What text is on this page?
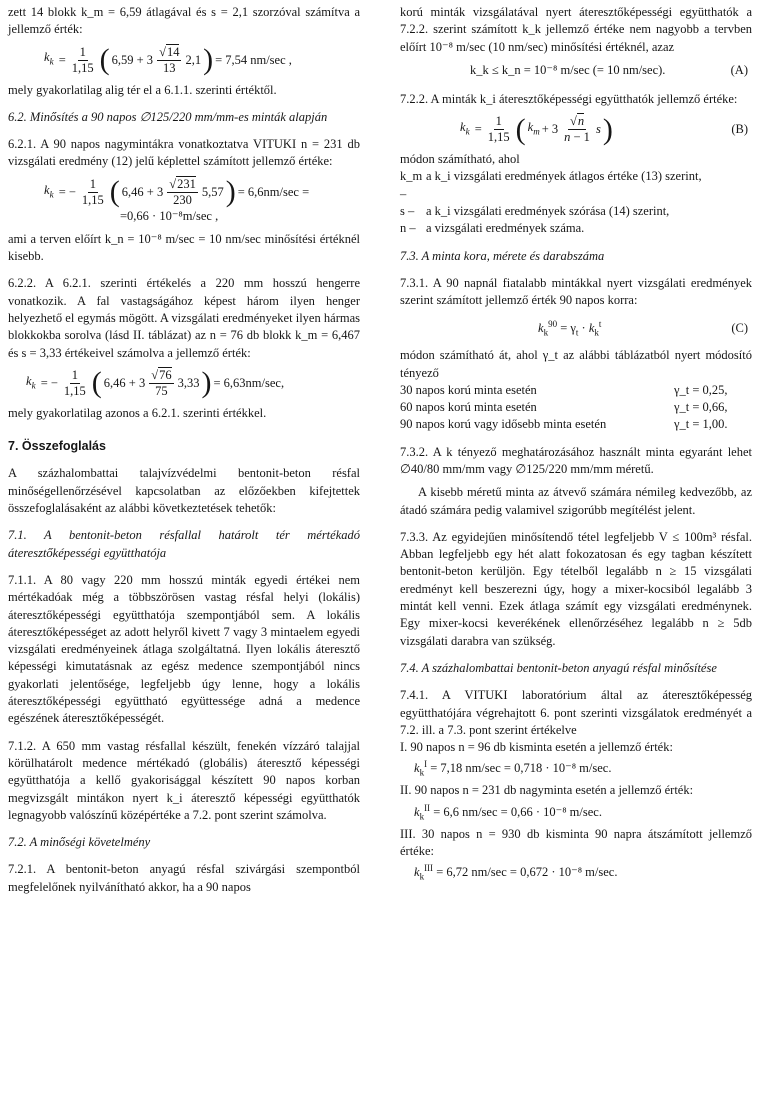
zett 14 blokk k_m = 6,59 átlagával és s = 2,1 szorzóval számítva a jellemző érték:

$k_k = \frac{1}{1,15}$ ( $6,59 + 3 \frac{√14}{13} 2,1$ ) = 7,54 nm/sec ,

mely gyakorlatilag alig tér el a 6.1.1. szerinti értéktől.

6.2. Minősítés a 90 napos ∅125/220 mm/mm-es minták alapján

6.2.1. A 90 napos nagymintákra vonatkoztatva VITUKI n = 231 db vizsgálati eredmény (12) jelű képlettel számított jellemző értéke:

$k_k$ = − $\frac{1}{1,15}$ ( $6,46 + 3 \frac{√231}{230} 5,57$ ) = 6,6nm/sec =
=0,66 · 10⁻⁸m/sec ,

ami a terven előírt k_n = 10⁻⁸ m/sec = 10 nm/sec minősítési értéknél kisebb.

6.2.2. A 6.2.1. szerinti értékelés a 220 mm hosszú hengerre vonatkozik. A fal vastagságához képest három ilyen henger helyezhető el egymás mögött. A vizsgálati eredményeket ilyen hármas blokkokba sorolva (lásd II. táblázat) az n = 76 db blokk k_m = 6,467 és s = 3,33 értékeivel számolva a jellemző érték:

$k_k$ = − $\frac{1}{1,15}$ ( $6,46 + 3 \frac{√76}{75} 3,33$ ) = 6,63nm/sec,

mely gyakorlatilag azonos a 6.2.1. szerinti értékkel.

7. Összefoglalás

A százhalombattai talajvízvédelmi bentonit-beton résfal minőségellenőrzésével kapcsolatban az előzőekben kifejtettek összefoglalásaként az alábbi következtetések tehetők:

7.1. A bentonit-beton résfallal határolt tér mértékadó áteresztőképességi együtthatója

7.1.1. A 80 vagy 220 mm hosszú minták egyedi értékei nem mértékadóak még a többszörösen vastag résfal helyi (lokális) áteresztőképességi együtthatója szempontjából sem. A lokális áteresztőképességet az adott helyről kivett 7 vagy 3 mintaelem egyedi vizsgálati eredményeinek átlaga szolgáltatná. Ilyen lokális áteresztő képességi kimutatásnak az egész medence szempontjából nincs gyakorlati jelentősége, legfeljebb úgy lenne, hogy a lokális áteresztőképességi együttható együttessége adná a medence egészének áteresztőképességét.

7.1.2. A 650 mm vastag résfallal készült, fenekén vízzáró talajjal körülhatárolt medence mértékadó (globális) áteresztő képességi együtthatója a kellő gyakorisággal készített 90 napos korban megvizsgált mintákon nyert k_i áteresztő képességi együtthatók legnagyobb valószínű középértéke a 7.2. pont szerint számolva.

7.2. A minőségi követelmény

7.2.1. A bentonit-beton anyagú résfal szivárgási szempontból megfelelőnek nyilvánítható akkor, ha a 90 napos

korú minták vizsgálatával nyert áteresztőképességi együtthatók a 7.2.2. szerint számított k_k jellemző értéke nem nagyobb a tervben előírt 10⁻⁸ m/sec (10 nm/sec) minősítési értéknél, azaz

k_k ≤ k_n = 10⁻⁸ m/sec (= 10 nm/sec).	(A)

7.2.2. A minták k_i áteresztőképességi együtthatók jellemző értéke:

$k_k = \frac{1}{1,15}$ ( $k_m + 3 \frac{√n}{n - 1}$ s )	(B)

módon számítható, ahol

k_m –
a k_i vizsgálati eredmények átlagos értéke (13) szerint,
s – a k_i vizsgálati eredmények szórása (14) szerint,
n – a vizsgálati eredmények száma.

7.3. A minta kora, mérete és darabszáma

7.3.1. A 90 napnál fiatalabb mintákkal nyert vizsgálati eredmények szerint számított jellemző érték 90 napos korra:

$k_k^{90} = \gamma_t \cdot k_k^t$	(C)

módon számítható át, ahol γ_t az alábbi táblázatból nyert módosító tényező

30 napos korú minta esetén	γ_t = 0,25,
60 napos korú minta esetén	γ_t = 0,66,
90 napos korú vagy idősebb minta esetén	γ_t = 1,00.

7.3.2. A k tényező meghatározásához használt minta egyaránt lehet ∅40/80 mm/mm vagy ∅125/220 mm/mm méretű.

A kisebb méretű minta az átvevő számára némileg kedvezőbb, az átadó számára pedig valamivel szigorúbb megítélést jelent.

7.3.3. Az egyidejűen minősítendő tétel legfeljebb V ≤ 100m³ résfal. Abban legfeljebb egy hét alatt fokozatosan és egy tagban készített bentonit-beton kerüljön. Egy tételből legalább n ≥ 15 vizsgálati eredményt kell beszerezni úgy, hogy a mixer-kocsiból legalább 3 mintát kell venni. Ezek átlaga számít egy vizsgálati eredménynek. Egy mixer-kocsi keverékének ellenőrzéséhez legalább n ≥ 5db vizsgálati darabra van szükség.

7.4. A százhalombattai bentonit-beton anyagú résfal minősítése

7.4.1. A VITUKI laboratórium által az áteresztőképesség együtthatójára végrehajtott 6. pont szerinti vizsgálatok eredményét a 7.2. ill. a 7.3. pont szerint értékelve

I. 90 napos n = 96 db kisminta esetén a jellemző érték:

$k_k^I = 7,18$ nm/sec = 0,718 · 10⁻⁸ m/sec.

II. 90 napos n = 231 db nagyminta esetén a jellemző érték:

$k_k^{II} = 6,6$ nm/sec = 0,66 · 10⁻⁸ m/sec.

III. 30 napos n = 930 db kisminta 90 napra átszámított jellemző értéke:

$k_k^{III} = 6,72$ nm/sec = 0,672 · 10⁻⁸ m/sec.
